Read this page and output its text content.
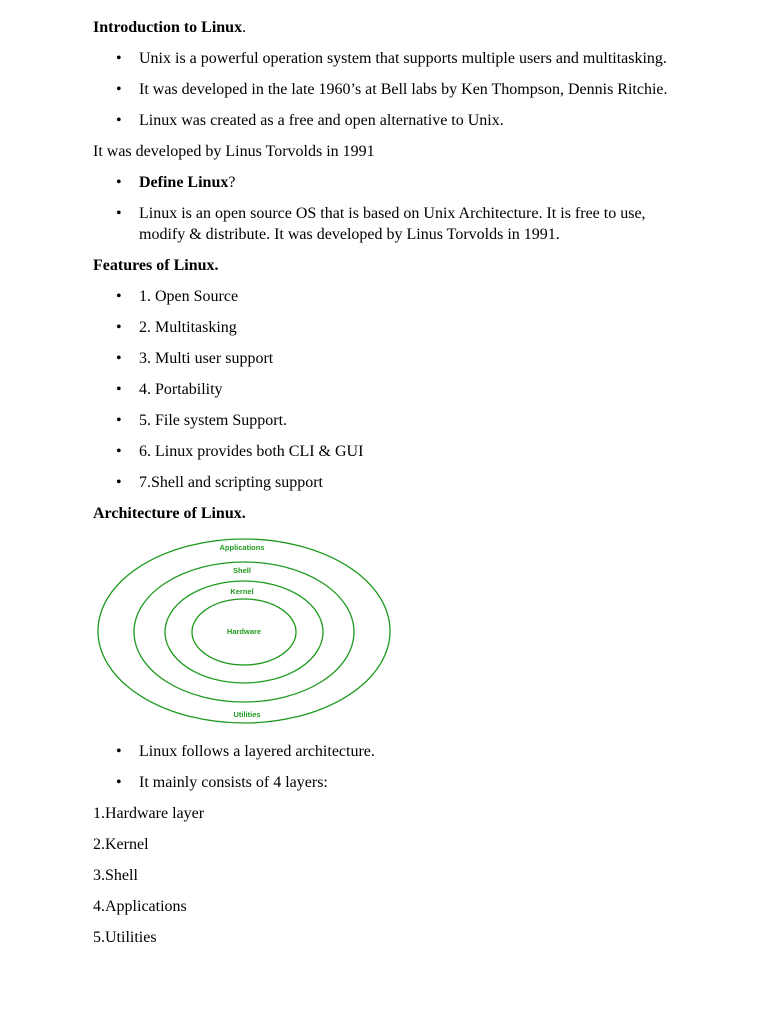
Introduction to Linux.
• Unix is a powerful operation system that supports multiple users and multitasking.
• It was developed in the late 1960’s at Bell labs by Ken Thompson, Dennis Ritchie.
• Linux was created as a free and open alternative to Unix.
It was developed by Linus Torvolds in 1991
• Define Linux?
• Linux is an open source OS that is based on Unix Architecture. It is free to use,
modify & distribute. It was developed by Linus Torvolds in 1991.
Features of Linux.
• 1. Open Source
• 2. Multitasking
• 3. Multi user support
• 4. Portability
• 5. File system Support.
• 6. Linux provides both CLI & GUI
• 7.Shell and scripting support
Architecture of Linux.
Applications
Shell
Kernel
Hardware
Utilities
• Linux follows a layered architecture.
• It mainly consists of 4 layers:
1.Hardware layer
2.Kernel
3.Shell
4.Applications
5.Utilities
